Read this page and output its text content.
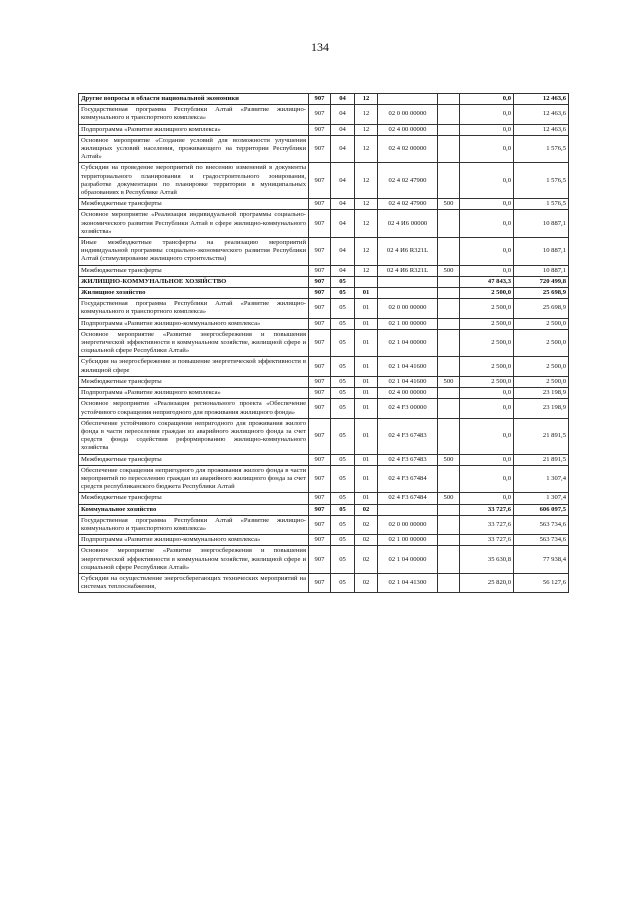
134
Другие вопросы в области национальной экономики	907	04	12			0,0	12 463,6
Государственная программа Республики Алтай «Развитие жилищно-коммунального и транспортного комплекса»	907	04	12	02 0 00 00000		0,0	12 463,6
Подпрограмма «Развитие жилищного комплекса»	907	04	12	02 4 00 00000		0,0	12 463,6
Основное мероприятие «Создание условий для возможности улучшения жилищных условий населения, проживающего на территории Республики Алтай»	907	04	12	02 4 02 00000		0,0	1 576,5
Субсидии на проведение мероприятий по внесению изменений в документы территориального планирования и градостроительного зонирования, разработке документации по планировке территории в муниципальных образованиях в Республике Алтай	907	04	12	02 4 02 47900		0,0	1 576,5
Межбюджетные трансферты	907	04	12	02 4 02 47900	500	0,0	1 576,5
Основное мероприятие «Реализация индивидуальной программы социально-экономического развития Республики Алтай в сфере жилищно-коммунального хозяйства»	907	04	12	02 4 И6 00000		0,0	10 887,1
Иные межбюджетные трансферты на реализацию мероприятий индивидуальной программы социально-экономического развития Республики Алтай (стимулирование жилищного строительства)	907	04	12	02 4 И6 R321L		0,0	10 887,1
Межбюджетные трансферты	907	04	12	02 4 И6 R321L	500	0,0	10 887,1
ЖИЛИЩНО-КОММУНАЛЬНОЕ ХОЗЯЙСТВО	907	05				47 843,3	720 499,8
Жилищное хозяйство	907	05	01			2 500,0	25 698,9
Государственная программа Республики Алтай «Развитие жилищно-коммунального и транспортного комплекса»	907	05	01	02 0 00 00000		2 500,0	25 698,9
Подпрограмма «Развитие жилищно-коммунального комплекса»	907	05	01	02 1 00 00000		2 500,0	2 500,0
Основное мероприятие «Развитие энергосбережения и повышения энергетической эффективности в коммунальном хозяйстве, жилищной сфере и социальной сфере Республики Алтай»	907	05	01	02 1 04 00000		2 500,0	2 500,0
Субсидии на энергосбережение и повышение энергетической эффективности в жилищной сфере	907	05	01	02 1 04 41600		2 500,0	2 500,0
Межбюджетные трансферты	907	05	01	02 1 04 41600	500	2 500,0	2 500,0
Подпрограмма «Развитие жилищного комплекса»	907	05	01	02 4 00 00000		0,0	23 198,9
Основное мероприятие «Реализация регионального проекта «Обеспечение устойчивого сокращения непригодного для проживания жилищного фонда»	907	05	01	02 4 F3 00000		0,0	23 198,9
Обеспечение устойчивого сокращения непригодного для проживания жилого фонда в части переселения граждан из аварийного жилищного фонда за счет средств фонда содействия реформированию жилищно-коммунального хозяйства	907	05	01	02 4 F3 67483		0,0	21 891,5
Межбюджетные трансферты	907	05	01	02 4 F3 67483	500	0,0	21 891,5
Обеспечение сокращения непригодного для проживания жилого фонда в части мероприятий по переселению граждан из аварийного жилищного фонда за счет средств республиканского бюджета Республики Алтай	907	05	01	02 4 F3 67484		0,0	1 307,4
Межбюджетные трансферты	907	05	01	02 4 F3 67484	500	0,0	1 307,4
Коммунальное хозяйство	907	05	02			33 727,6	606 097,5
Государственная программа Республики Алтай «Развитие жилищно-коммунального и транспортного комплекса»	907	05	02	02 0 00 00000		33 727,6	563 734,6
Подпрограмма «Развитие жилищно-коммунального комплекса»	907	05	02	02 1 00 00000		33 727,6	563 734,6
Основное мероприятие «Развитие энергосбережения и повышения энергетической эффективности в коммунальном хозяйстве, жилищной сфере и социальной сфере Республики Алтай»	907	05	02	02 1 04 00000		35 630,8	77 938,4
Субсидии на осуществление энергосберегающих технических мероприятий на системах теплоснабжения,	907	05	02	02 1 04 41300		25 820,0	56 127,6
